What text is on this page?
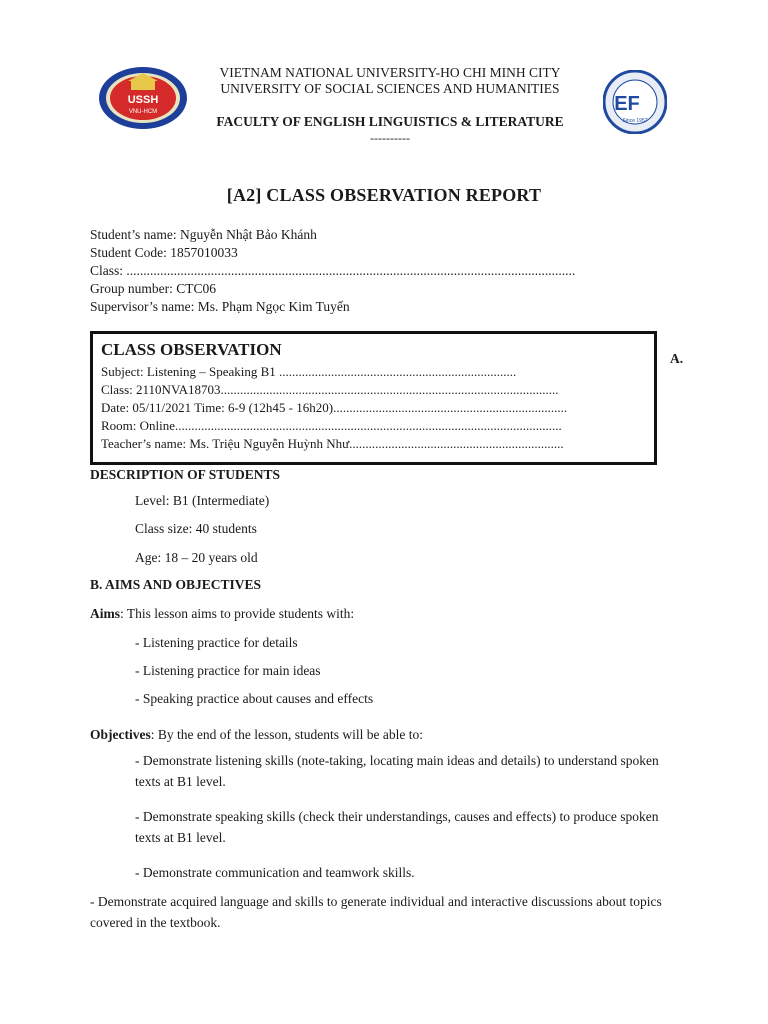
USSH
VNU-HCM	EF
Since 1957
VIETNAM NATIONAL UNIVERSITY-HO CHI MINH CITY
UNIVERSITY OF SOCIAL SCIENCES AND HUMANITIES
FACULTY OF ENGLISH LINGUISTICS & LITERATURE
----------
[A2] CLASS OBSERVATION REPORT
Student’s name: Nguyễn Nhật Bảo Khánh
Student Code: 1857010033
Class: .....................................................................................................................................
Group number: CTC06
Supervisor’s name: Ms. Phạm Ngọc Kim Tuyến
CLASS OBSERVATION
Subject: Listening – Speaking B1 .........................................................................
Class: 2110NVA18703........................................................................................................
Date: 05/11/2021 Time: 6-9 (12h45 - 16h20)........................................................................
Room: Online.......................................................................................................................
Teacher’s name: Ms. Triệu Nguyễn Huỳnh Như..................................................................
A.
DESCRIPTION OF STUDENTS
Level: B1 (Intermediate)
Class size: 40 students
Age: 18 – 20 years old
B. AIMS AND OBJECTIVES
Aims: This lesson aims to provide students with:
- Listening practice for details
- Listening practice for main ideas
- Speaking practice about causes and effects
Objectives: By the end of the lesson, students will be able to:
- Demonstrate listening skills (note-taking, locating main ideas and details) to understand spoken texts at B1 level.
- Demonstrate speaking skills (check their understandings, causes and effects) to produce spoken texts at B1 level.
- Demonstrate communication and teamwork skills.
- Demonstrate acquired language and skills to generate individual and interactive discussions about topics covered in the textbook.
